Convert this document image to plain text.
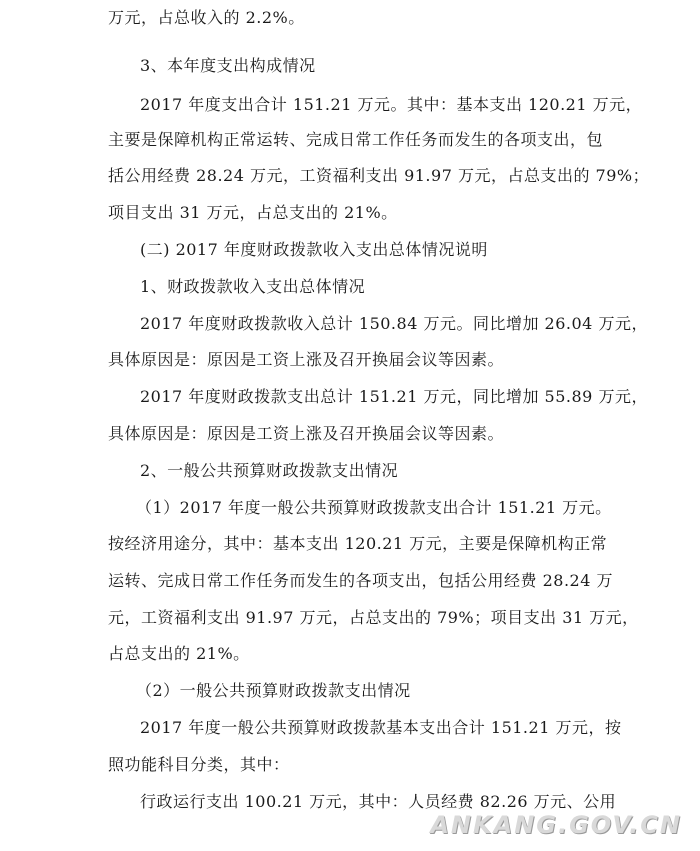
万元，占总收入的 2.2%。
3、本年度支出构成情况
2017 年度支出合计 151.21 万元。其中：基本支出 120.21 万元，
主要是保障机构正常运转、完成日常工作任务而发生的各项支出，包
括公用经费 28.24 万元，工资福利支出 91.97 万元，占总支出的 79%；
项目支出 31 万元，占总支出的 21%。
(二) 2017 年度财政拨款收入支出总体情况说明
1、财政拨款收入支出总体情况
2017 年度财政拨款收入总计 150.84 万元。同比增加 26.04 万元，
具体原因是：原因是工资上涨及召开换届会议等因素。
2017 年度财政拨款支出总计 151.21 万元，同比增加 55.89 万元，
具体原因是：原因是工资上涨及召开换届会议等因素。
2、一般公共预算财政拨款支出情况
（1）2017 年度一般公共预算财政拨款支出合计 151.21 万元。
按经济用途分，其中：基本支出 120.21 万元，主要是保障机构正常
运转、完成日常工作任务而发生的各项支出，包括公用经费 28.24 万
元，工资福利支出 91.97 万元，占总支出的 79%；项目支出 31 万元，
占总支出的 21%。
（2）一般公共预算财政拨款支出情况
2017 年度一般公共预算财政拨款基本支出合计 151.21 万元，按
照功能科目分类，其中：
行政运行支出 100.21 万元，其中：人员经费 82.26 万元、公用
ANKANG.GOV.CN
